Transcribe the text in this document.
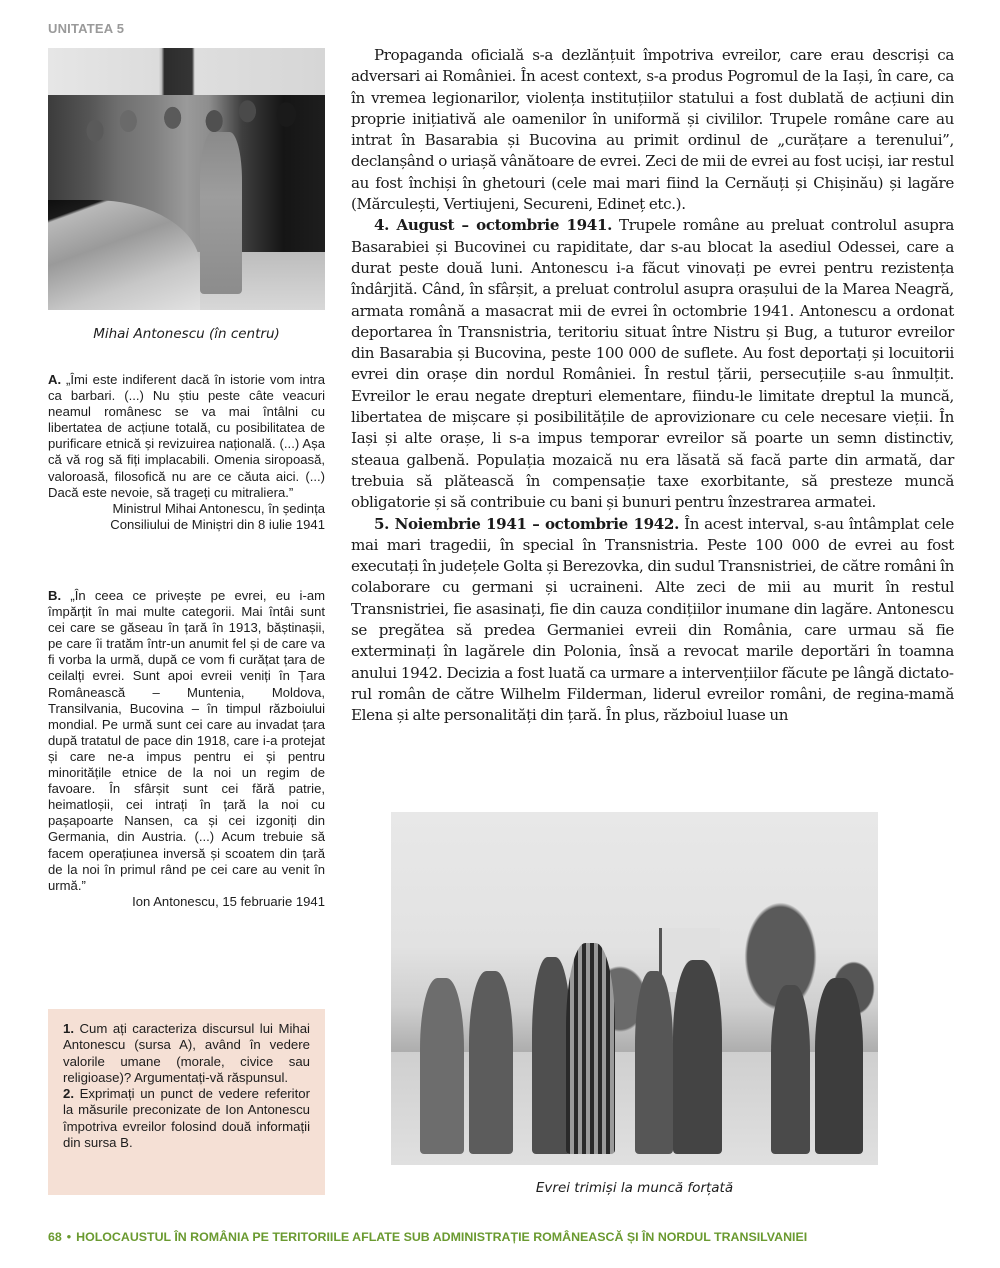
UNITATEA 5
Mihai Antonescu (în centru)
A. „Îmi este indiferent dacă în istorie vom intra ca barbari. (...) Nu știu peste câte veacuri neamul românesc se va mai întâlni cu libertatea de acțiune totală, cu posibilitatea de purificare etnică și revizuirea națională. (...) Așa că vă rog să fiți implacabili. Omenia siropoasă, valoroasă, filosofică nu are ce căuta aici. (...) Dacă este nevoie, să trageți cu mitraliera.”
Ministrul Mihai Antonescu, în ședința
Consiliului de Miniștri din 8 iulie 1941
B. „În ceea ce privește pe evrei, eu i-am împărțit în mai multe categorii. Mai întâi sunt cei care se găseau în țară în 1913, băștinașii, pe care îi tratăm într-un anumit fel și de care va fi vorba la urmă, după ce vom fi curățat țara de ceilalți evrei. Sunt apoi evreii veniți în Țara Românească – Muntenia, Moldova, Transilvania, Bucovina – în timpul războiului mondial. Pe urmă sunt cei care au invadat țara după tratatul de pace din 1918, care i-a protejat și care ne-a impus pentru ei și pentru minoritățile etnice de la noi un regim de favoare. În sfârșit sunt cei fără patrie, heimatloșii, cei intrați în țară la noi cu pașapoarte Nansen, ca și cei izgoniți din Germania, din Austria. (...) Acum trebuie să facem operațiunea inversă și scoatem din țară de la noi în primul rând pe cei care au venit în urmă.”
Ion Antonescu, 15 februarie 1941

1. Cum ați caracteriza discursul lui Mihai Antonescu (sursa A), având în vedere valorile umane (morale, civice sau religioase)? Argumentați-vă răspunsul.

2. Exprimați un punct de vedere referitor la măsurile preconizate de Ion Antonescu împotriva evreilor folosind două informații din sursa B.

Propaganda oficială s-a dezlănțuit împotriva evreilor, care erau descriși ca adversari ai României. În acest context, s-a produs Pogromul de la Iași, în care, ca în vremea legionarilor, violența instituțiilor statului a fost dublată de acțiuni din proprie inițiativă ale oamenilor în uniformă și civililor. Trupele române care au intrat în Basarabia și Bucovina au primit ordinul de „curățare a terenului”, declanșând o uriașă vânătoare de evrei. Zeci de mii de evrei au fost uciși, iar restul au fost închiși în ghetouri (cele mai mari fiind la Cernăuți și Chișinău) și lagăre (Mărculești, Vertiujeni, Secureni, Edineț etc.).

4. August – octombrie 1941. Trupele române au preluat controlul asupra Basarabiei și Bucovinei cu rapiditate, dar s-au blocat la asediul Odessei, care a durat peste două luni. Antonescu i-a făcut vinovați pe evrei pentru rezistența îndârjită. Când, în sfârșit, a preluat controlul asupra orașului de la Marea Neagră, armata română a masacrat mii de evrei în octombrie 1941. Antonescu a ordonat deportarea în Transnistria, teritoriu situat între Nistru și Bug, a tuturor evreilor din Basarabia și Bucovina, peste 100 000 de suflete. Au fost deportați și locuitorii evrei din orașe din nordul României. În restul țării, persecuțiile s-au înmulțit. Evreilor le erau negate drepturi elementare, fiindu-le limitate dreptul la muncă, libertatea de mișcare și posibilitățile de aprovizionare cu cele necesare vieții. În Iași și alte orașe, li s-a impus temporar evreilor să poarte un semn distinctiv, steaua galbenă. Populația mozaică nu era lăsată să facă parte din armată, dar trebuia să plătească în compensație taxe exorbitante, să presteze muncă obligatorie și să contribuie cu bani și bunuri pentru înzestrarea armatei.

5. Noiembrie 1941 – octombrie 1942. În acest interval, s-au întâmplat cele mai mari tragedii, în special în Transnistria. Peste 100 000 de evrei au fost executați în județele Golta și Berezovka, din sudul Transnistriei, de către români în colaborare cu germani și ucraineni. Alte zeci de mii au murit în restul Transnistriei, fie asasinați, fie din cauza condițiilor inumane din lagăre. Antonescu se pregătea să predea Germaniei evreii din România, care urmau să fie exterminați în lagărele din Polonia, însă a revocat marile deportări în toamna anului 1942. Decizia a fost luată ca urmare a intervențiilor făcute pe lângă dictatorul român de către Wilhelm Filderman, liderul evreilor români, de regina-mamă Elena și alte personalități din țară. În plus, războiul luase un

Evrei trimiși la muncă forțată
68 • HOLOCAUSTUL ÎN ROMÂNIA PE TERITORIILE AFLATE SUB ADMINISTRAȚIE ROMÂNEASCĂ ȘI ÎN NORDUL TRANSILVANIEI
